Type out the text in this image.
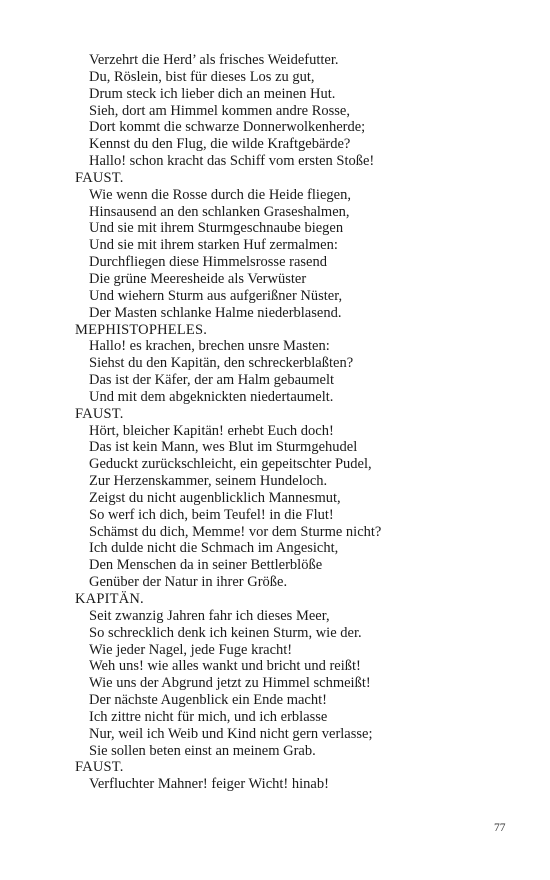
Verzehrt die Herd’ als frisches Weidefutter.
Du, Röslein, bist für dieses Los zu gut,
Drum steck ich lieber dich an meinen Hut.
Sieh, dort am Himmel kommen andre Rosse,
Dort kommt die schwarze Donnerwolkenherde;
Kennst du den Flug, die wilde Kraftgebärde?
Hallo! schon kracht das Schiff vom ersten Stoße!
FAUST.
Wie wenn die Rosse durch die Heide fliegen,
Hinsausend an den schlanken Graseshalmen,
Und sie mit ihrem Sturmgeschnaube biegen
Und sie mit ihrem starken Huf zermalmen:
Durchfliegen diese Himmelsrosse rasend
Die grüne Meeresheide als Verwüster
Und wiehern Sturm aus aufgerißner Nüster,
Der Masten schlanke Halme niederblasend.
MEPHISTOPHELES.
Hallo! es krachen, brechen unsre Masten:
Siehst du den Kapitän, den schreckerblaßten?
Das ist der Käfer, der am Halm gebaumelt
Und mit dem abgeknickten niedertaumelt.
FAUST.
Hört, bleicher Kapitän! erhebt Euch doch!
Das ist kein Mann, wes Blut im Sturmgehudel
Geduckt zurückschleicht, ein gepeitschter Pudel,
Zur Herzenskammer, seinem Hundeloch.
Zeigst du nicht augenblicklich Mannesmut,
So werf ich dich, beim Teufel! in die Flut!
Schämst du dich, Memme! vor dem Sturme nicht?
Ich dulde nicht die Schmach im Angesicht,
Den Menschen da in seiner Bettlerblöße
Genüber der Natur in ihrer Größe.
KAPITÄN.
Seit zwanzig Jahren fahr ich dieses Meer,
So schrecklich denk ich keinen Sturm, wie der.
Wie jeder Nagel, jede Fuge kracht!
Weh uns! wie alles wankt und bricht und reißt!
Wie uns der Abgrund jetzt zu Himmel schmeißt!
Der nächste Augenblick ein Ende macht!
Ich zittre nicht für mich, und ich erblasse
Nur, weil ich Weib und Kind nicht gern verlasse;
Sie sollen beten einst an meinem Grab.
FAUST.
Verfluchter Mahner! feiger Wicht! hinab!
77
